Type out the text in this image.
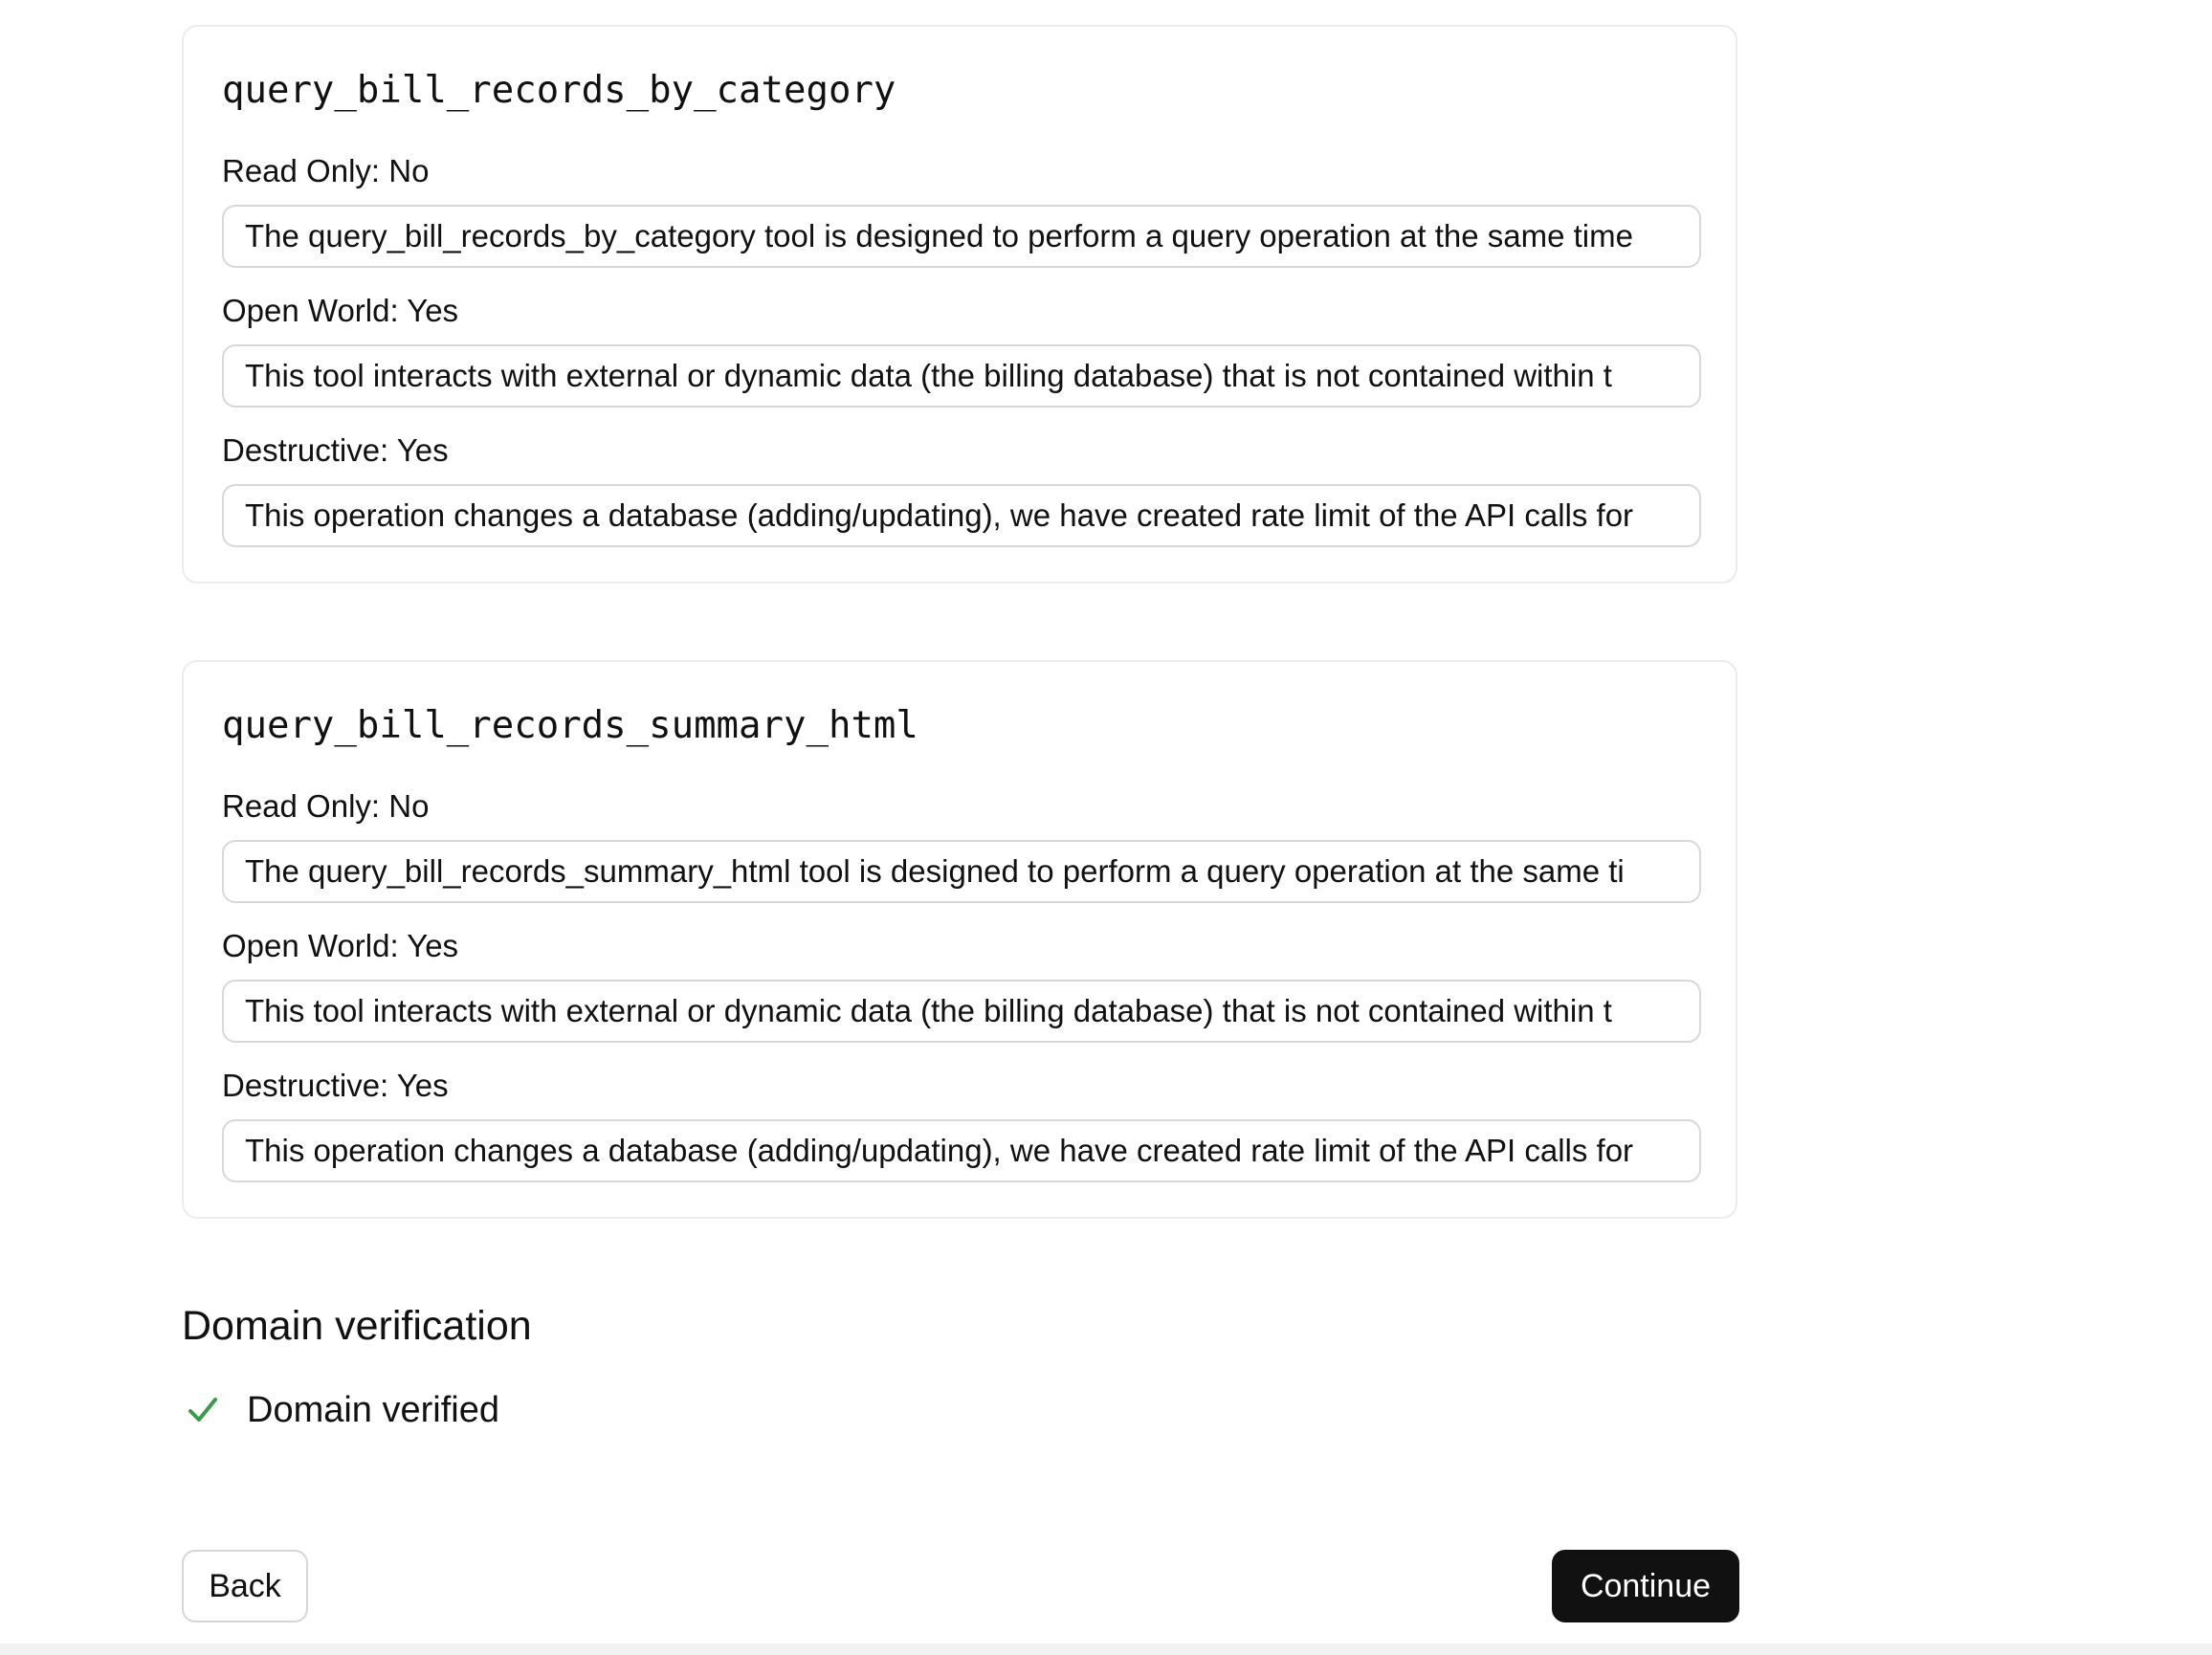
query_bill_records_by_category
Read Only: No
The query_bill_records_by_category tool is designed to perform a query operation at the same time
Open World: Yes
This tool interacts with external or dynamic data (the billing database) that is not contained within t
Destructive: Yes
This operation changes a database (adding/updating), we have created rate limit of the API calls for
query_bill_records_summary_html
Read Only: No
The query_bill_records_summary_html tool is designed to perform a query operation at the same ti
Open World: Yes
This tool interacts with external or dynamic data (the billing database) that is not contained within t
Destructive: Yes
This operation changes a database (adding/updating), we have created rate limit of the API calls for
Domain verification
Domain verified
Back	Continue
